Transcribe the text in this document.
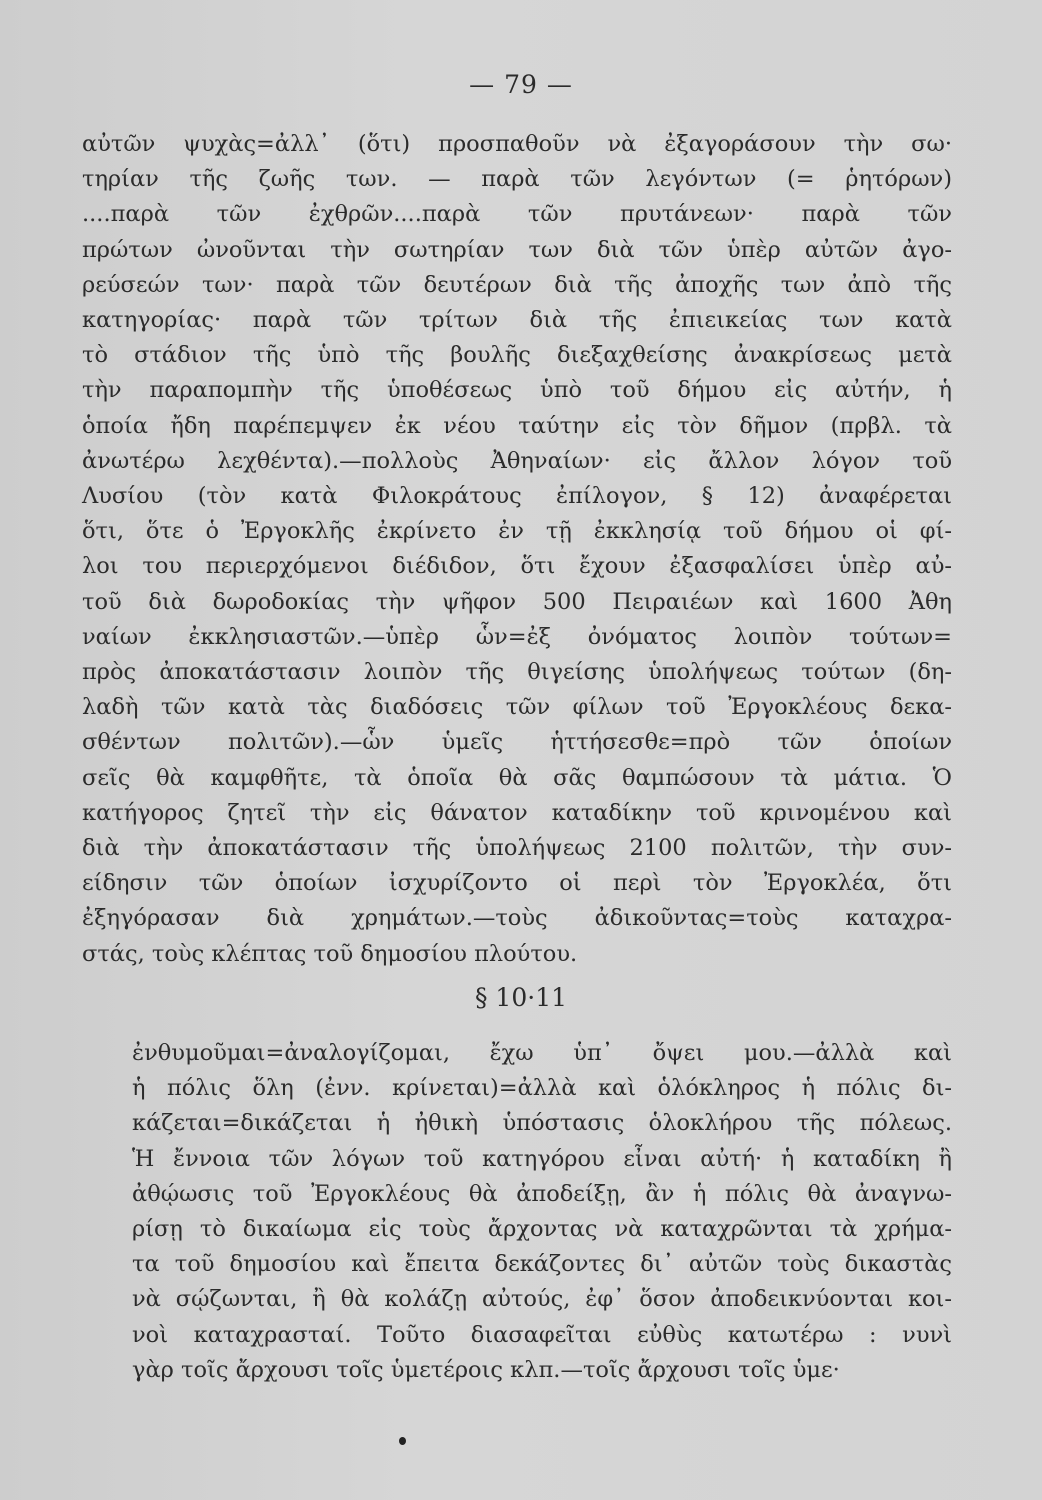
— 79 —
αὐτῶν ψυχὰς=ἀλλ᾽ (ὅτι) προσπαθοῦν νὰ ἐξαγοράσουν τὴν σω·
τηρίαν τῆς ζωῆς των. — παρὰ τῶν λεγόντων (= ῥητόρων)
....παρὰ τῶν ἐχθρῶν....παρὰ τῶν πρυτάνεων· παρὰ τῶν
πρώτων ὠνοῦνται τὴν σωτηρίαν των διὰ τῶν ὑπὲρ αὐτῶν ἀγο-
ρεύσεών των· παρὰ τῶν δευτέρων διὰ τῆς ἀποχῆς των ἀπὸ τῆς
κατηγορίας· παρὰ τῶν τρίτων διὰ τῆς ἐπιεικείας των κατὰ
τὸ στάδιον τῆς ὑπὸ τῆς βουλῆς διεξαχθείσης ἀνακρίσεως μετὰ
τὴν παραπομπὴν τῆς ὑποθέσεως ὑπὸ τοῦ δήμου εἰς αὐτήν, ἡ
ὁποία ἤδη παρέπεμψεν ἐκ νέου ταύτην εἰς τὸν δῆμον (πρβλ. τὰ
ἀνωτέρω λεχθέντα).—πολλοὺς Ἀθηναίων· εἰς ἄλλον λόγον τοῦ
Λυσίου (τὸν κατὰ Φιλοκράτους ἐπίλογον, § 12) ἀναφέρεται
ὅτι, ὅτε ὁ Ἐργοκλῆς ἐκρίνετο ἐν τῇ ἐκκλησίᾳ τοῦ δήμου οἱ φί-
λοι του περιερχόμενοι διέδιδον, ὅτι ἔχουν ἐξασφαλίσει ὑπὲρ αὐ-
τοῦ διὰ δωροδοκίας τὴν ψῆφον 500 Πειραιέων καὶ 1600 Ἀθη
ναίων ἐκκλησιαστῶν.—ὑπὲρ ὧν=ἐξ ὀνόματος λοιπὸν τούτων=
πρὸς ἀποκατάστασιν λοιπὸν τῆς θιγείσης ὑπολήψεως τούτων (δη-
λαδὴ τῶν κατὰ τὰς διαδόσεις τῶν φίλων τοῦ Ἐργοκλέους δεκα-
σθέντων πολιτῶν).—ὧν ὑμεῖς ἡττήσεσθε=πρὸ τῶν ὁποίων
σεῖς θὰ καμφθῆτε, τὰ ὁποῖα θὰ σᾶς θαμπώσουν τὰ μάτια. Ὁ
κατήγορος ζητεῖ τὴν εἰς θάνατον καταδίκην τοῦ κρινομένου καὶ
διὰ τὴν ἀποκατάστασιν τῆς ὑπολήψεως 2100 πολιτῶν, τὴν συν-
είδησιν τῶν ὁποίων ἰσχυρίζοντο οἱ περὶ τὸν Ἐργοκλέα, ὅτι
ἐξηγόρασαν διὰ χρημάτων.—τοὺς ἀδικοῦντας=τοὺς καταχρα-
στάς, τοὺς κλέπτας τοῦ δημοσίου πλούτου.
§ 10·11
ἐνθυμοῦμαι=ἀναλογίζομαι, ἔχω ὑπ᾽ ὄψει μου.—ἀλλὰ καὶ
ἡ πόλις ὅλη (ἐνν. κρίνεται)=ἀλλὰ καὶ ὁλόκληρος ἡ πόλις δι-
κάζεται=δικάζεται ἡ ἠθικὴ ὑπόστασις ὁλοκλήρου τῆς πόλεως.
Ἡ ἔννοια τῶν λόγων τοῦ κατηγόρου εἶναι αὐτή· ἡ καταδίκη ἢ
ἀθῴωσις τοῦ Ἐργοκλέους θὰ ἀποδείξῃ, ἂν ἡ πόλις θὰ ἀναγνω-
ρίσῃ τὸ δικαίωμα εἰς τοὺς ἄρχοντας νὰ καταχρῶνται τὰ χρήμα-
τα τοῦ δημοσίου καὶ ἔπειτα δεκάζοντες δι᾽ αὐτῶν τοὺς δικαστὰς
νὰ σῴζωνται, ἢ θὰ κολάζῃ αὐτούς, ἐφ᾽ ὅσον ἀποδεικνύονται κοι-
νοὶ καταχρασταί. Τοῦτο διασαφεῖται εὐθὺς κατωτέρω : νυνὶ
γὰρ τοῖς ἄρχουσι τοῖς ὑμετέροις κλπ.—τοῖς ἄρχουσι τοῖς ὑμε·
